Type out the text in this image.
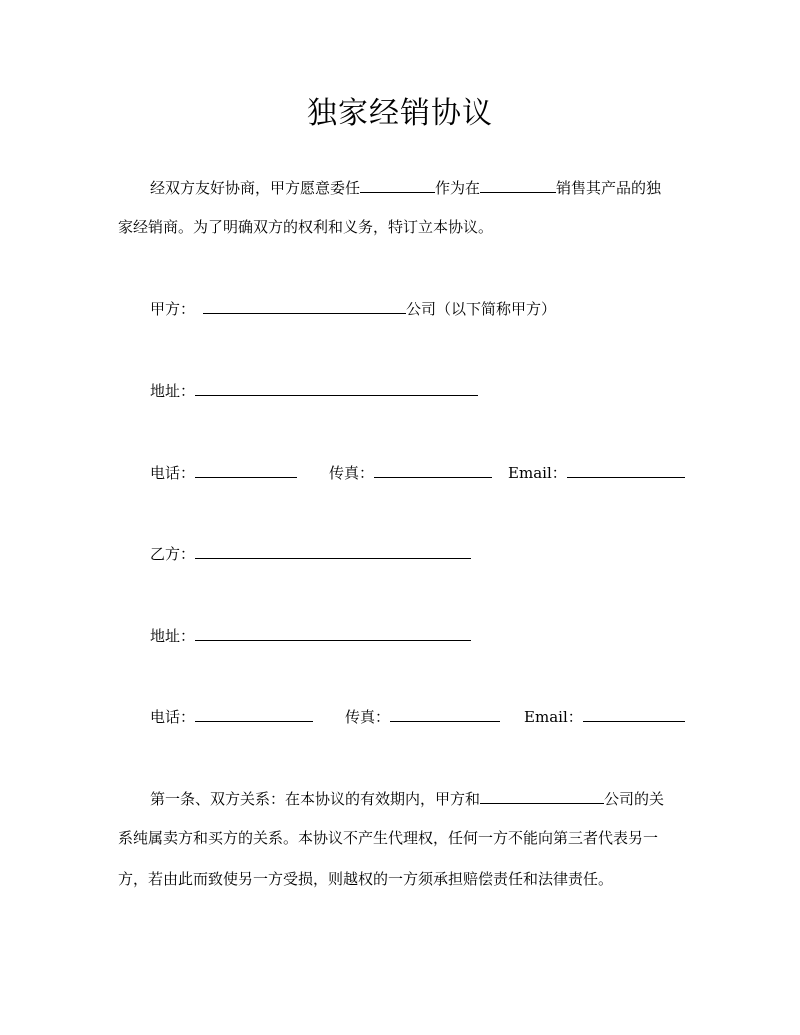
独家经销协议
经双方友好协商，甲方愿意委任	作为在	销售其产品的独
家经销商。为了明确双方的权利和义务，特订立本协议。
甲方：	公司（以下简称甲方）
地址：
电话：	传真：	Email：
乙方：
地址：
电话：	传真：	Email：
第一条、双方关系：在本协议的有效期内，甲方和	公司的关
系纯属卖方和买方的关系。本协议不产生代理权，任何一方不能向第三者代表另一
方，若由此而致使另一方受损，则越权的一方须承担赔偿责任和法律责任。
